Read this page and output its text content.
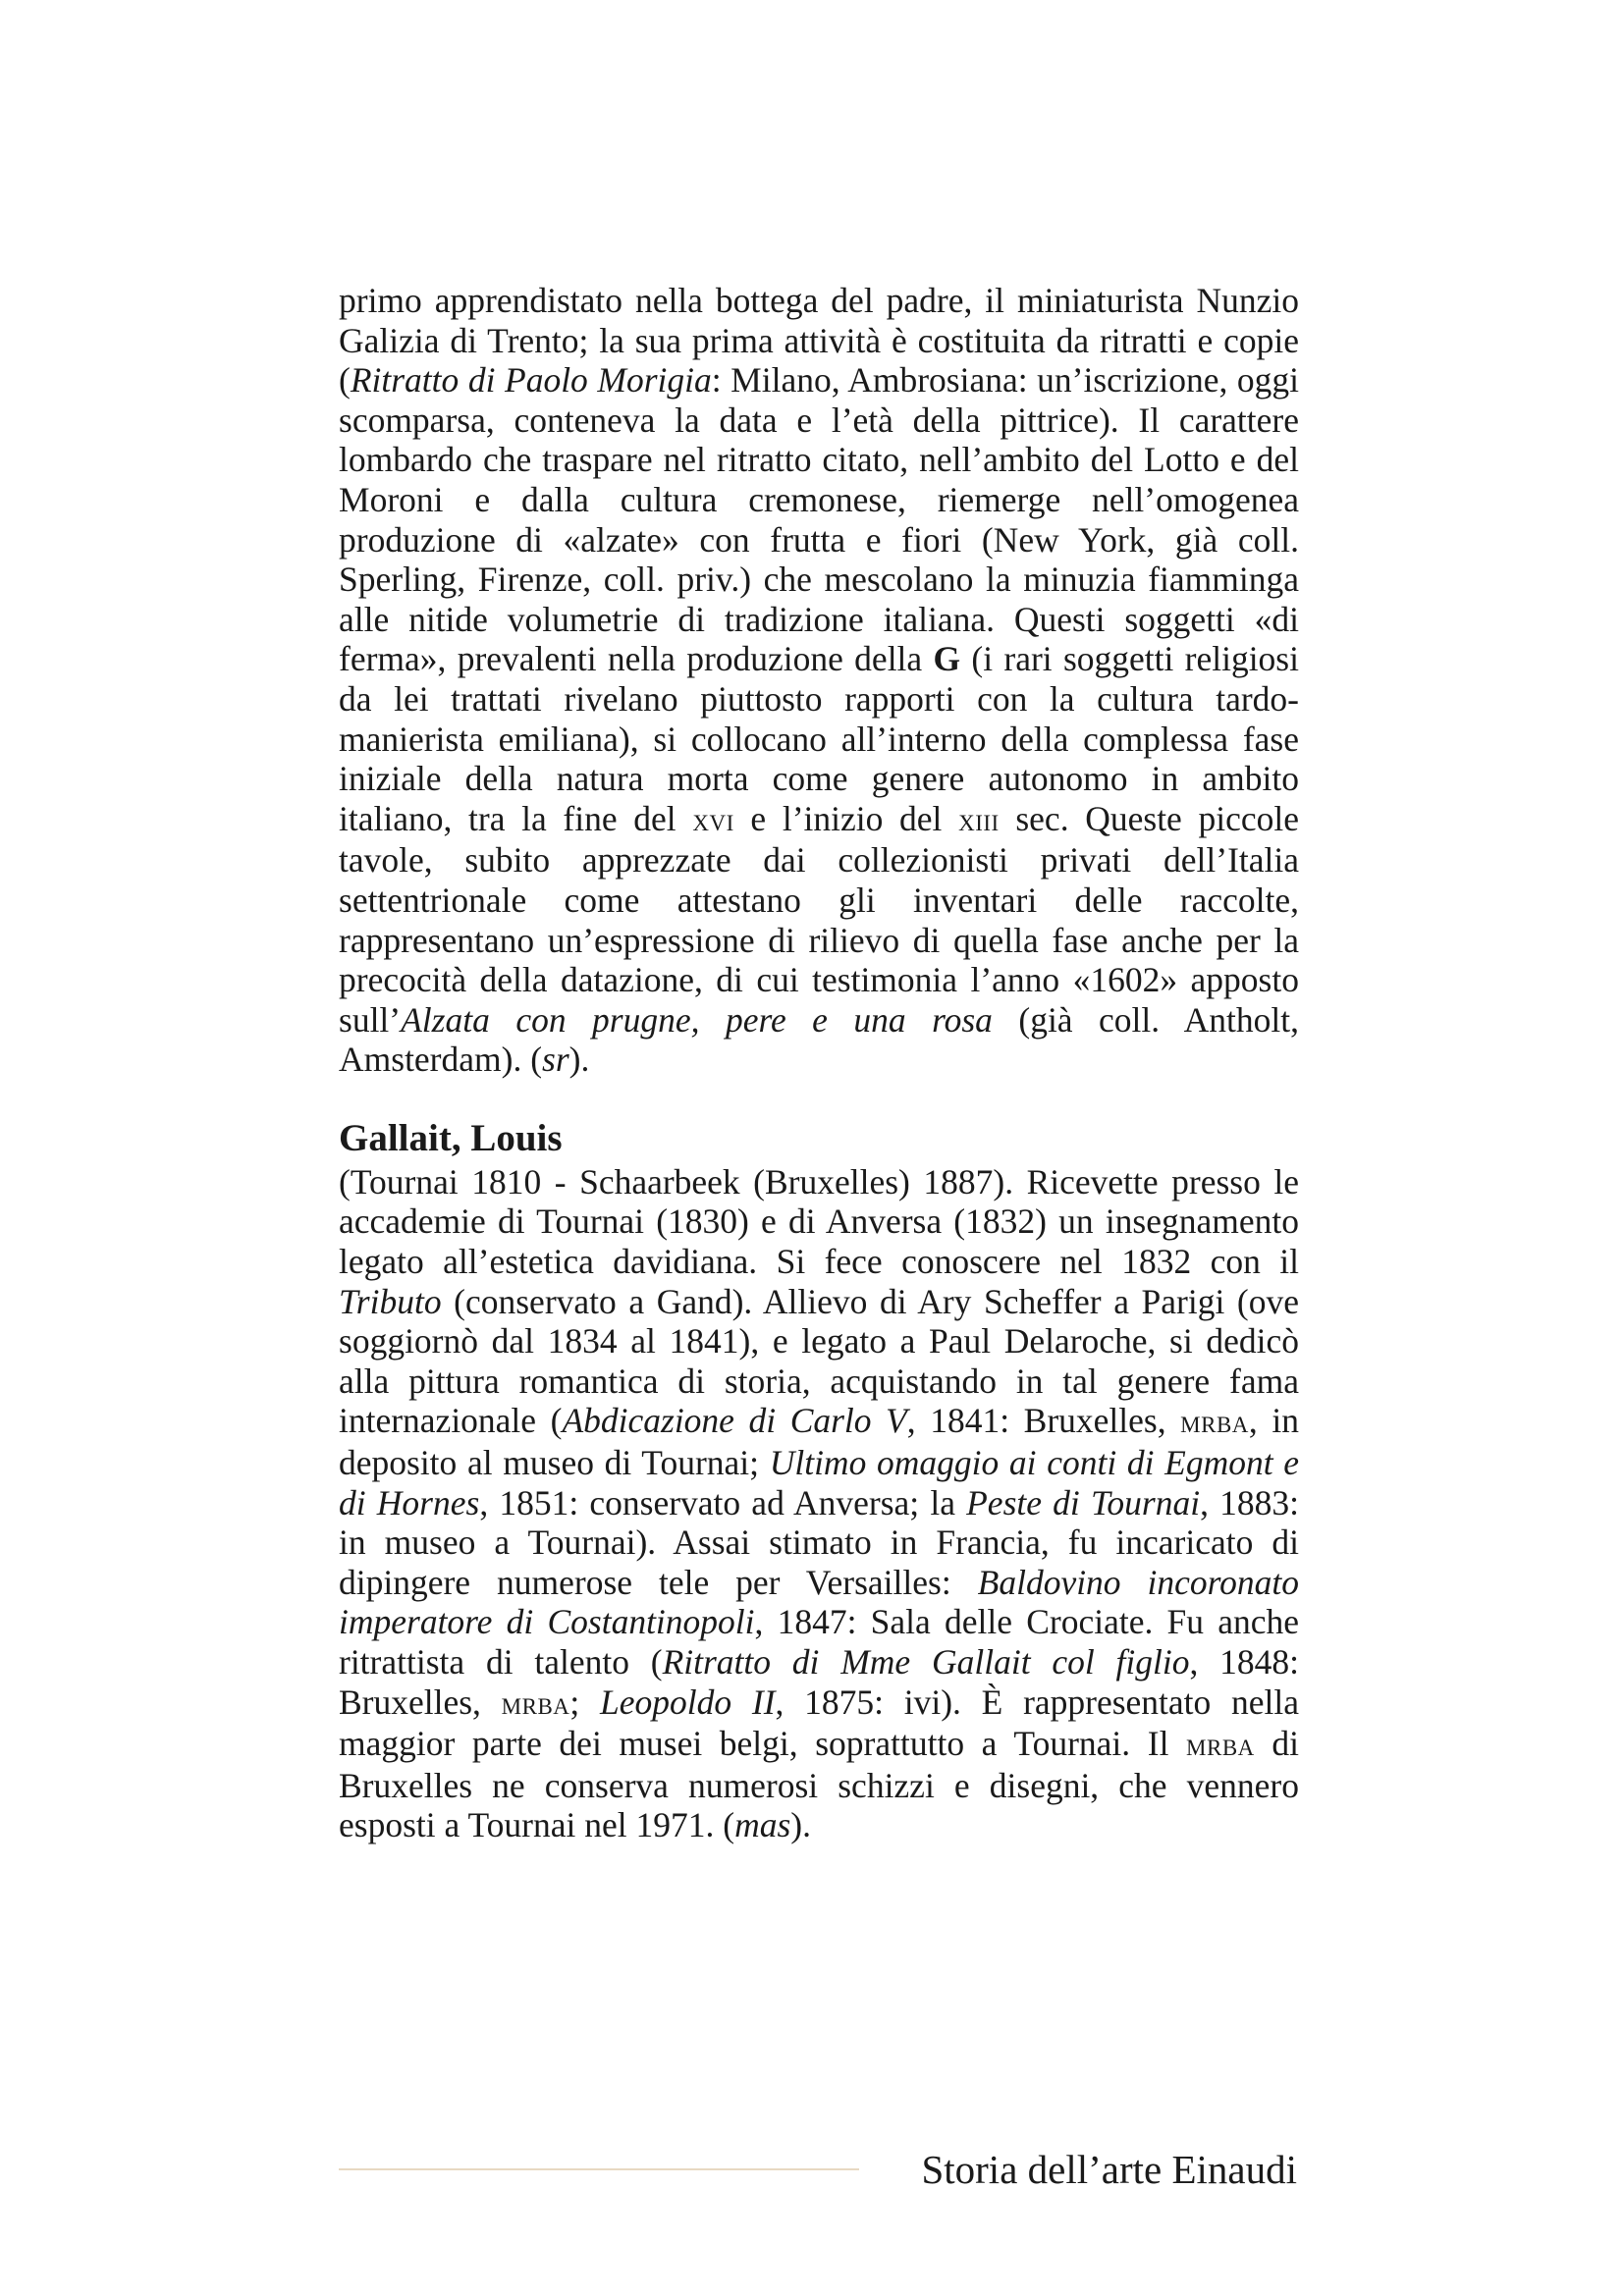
primo apprendistato nella bottega del padre, il miniaturista Nunzio Galizia di Trento; la sua prima attività è costituita da ritratti e copie (Ritratto di Paolo Morigia: Milano, Ambrosiana: un’iscrizione, oggi scomparsa, conteneva la data e l’età della pittrice). Il carattere lombardo che traspare nel ritratto citato, nell’ambito del Lotto e del Moroni e dalla cultura cremonese, riemerge nell’omogenea produzione di «alzate» con frutta e fiori (New York, già coll. Sperling, Firenze, coll. priv.) che mescolano la minuzia fiamminga alle nitide volumetrie di tradizione italiana. Questi soggetti «di ferma», prevalenti nella produzione della G (i rari soggetti religiosi da lei trattati rivelano piuttosto rapporti con la cultura tardo-manierista emiliana), si collocano all’interno della complessa fase iniziale della natura morta come genere autonomo in ambito italiano, tra la fine del xvi e l’inizio del xiii sec. Queste piccole tavole, subito apprezzate dai collezionisti privati dell’Italia settentrionale come attestano gli inventari delle raccolte, rappresentano un’espressione di rilievo di quella fase anche per la precocità della datazione, di cui testimonia l’anno «1602» apposto sull’Alzata con prugne, pere e una rosa (già coll. Antholt, Amsterdam). (sr).

Gallait, Louis

(Tournai 1810 - Schaarbeek (Bruxelles) 1887). Ricevette presso le accademie di Tournai (1830) e di Anversa (1832) un insegnamento legato all’estetica davidiana. Si fece conoscere nel 1832 con il Tributo (conservato a Gand). Allievo di Ary Scheffer a Parigi (ove soggiornò dal 1834 al 1841), e legato a Paul Delaroche, si dedicò alla pittura romantica di storia, acquistando in tal genere fama internazionale (Abdicazione di Carlo V, 1841: Bruxelles, mrba, in deposito al museo di Tournai; Ultimo omaggio ai conti di Egmont e di Hornes, 1851: conservato ad Anversa; la Peste di Tournai, 1883: in museo a Tournai). Assai stimato in Francia, fu incaricato di dipingere numerose tele per Versailles: Baldovino incoronato imperatore di Costantinopoli, 1847: Sala delle Crociate. Fu anche ritrattista di talento (Ritratto di Mme Gallait col figlio, 1848: Bruxelles, mrba; Leopoldo II, 1875: ivi). È rappresentato nella maggior parte dei musei belgi, soprattutto a Tournai. Il mrba di Bruxelles ne conserva numerosi schizzi e disegni, che vennero esposti a Tournai nel 1971. (mas).

Storia dell’arte Einaudi
